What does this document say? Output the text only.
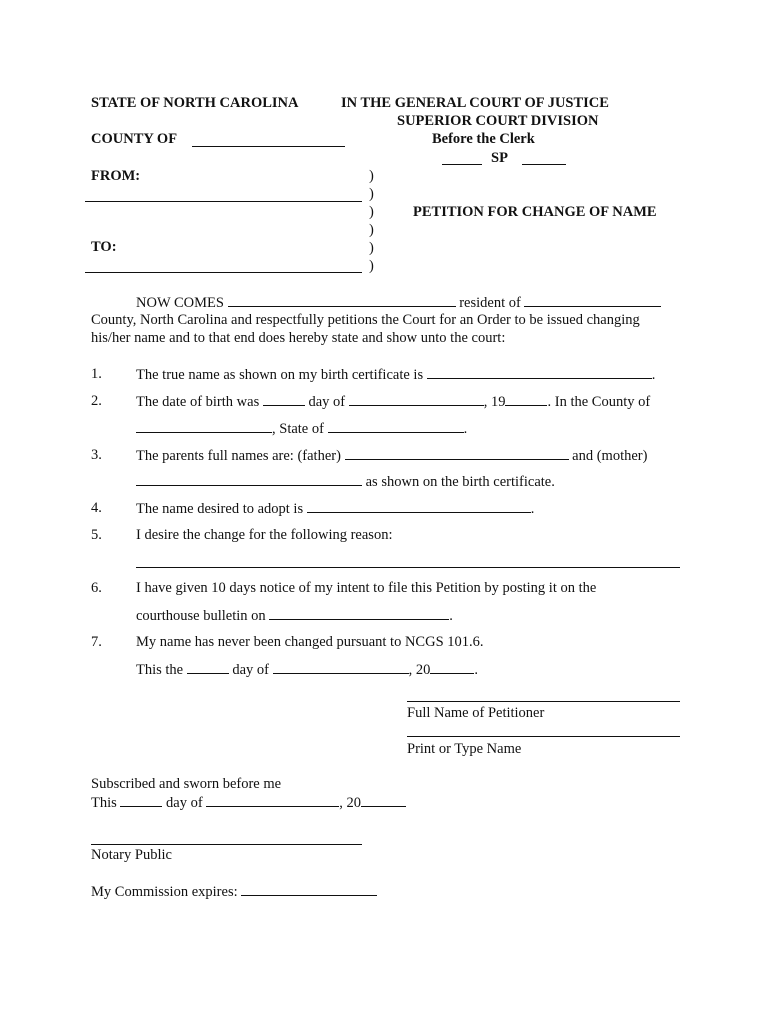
STATE OF NORTH CAROLINA	IN THE GENERAL COURT OF JUSTICE
SUPERIOR COURT DIVISION
Before the Clerk
COUNTY OF
SP
FROM:
TO:
)
)
)
)
)
)
PETITION FOR CHANGE OF NAME
NOW COMES	resident of
County, North Carolina and respectfully petitions the Court for an Order to be issued changing
his/her name and to that end does hereby state and show unto the court:
1. The true name as shown on my birth certificate is	.
2. The date of birth was	day of	, 19	. In the County of
, State of	.
3. The parents full names are: (father)	and (mother)
as shown on the birth certificate.
4. The name desired to adopt is	.
5. I desire the change for the following reason:
6. I have given 10 days notice of my intent to file this Petition by posting it on the
courthouse bulletin on	.
7. My name has never been changed pursuant to NCGS 101.6.
This the	day of	, 20	.
Full Name of Petitioner
Print or Type Name
Subscribed and sworn before me
This	day of	, 20
Notary Public
My Commission expires:
